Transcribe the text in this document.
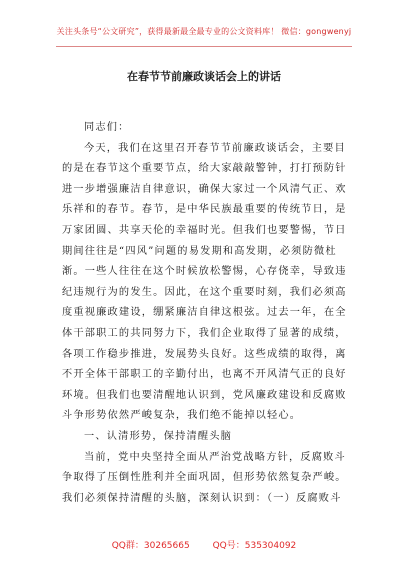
关注头条号“公文研究”，获得最新最全最专业的公文资料库！ 微信：gongwenyj
在春节节前廉政谈话会上的讲话
同志们：
今天，我们在这里召开春节节前廉政谈话会，主要目
的是在春节这个重要节点，给大家敲敲警钟，打打预防针
进一步增强廉洁自律意识，确保大家过一个风清气正、欢
乐祥和的春节。春节，是中华民族最重要的传统节日，是
万家团圆、共享天伦的幸福时光。但我们也要警惕，节日
期间往往是“四风”问题的易发期和高发期，必须防微杜
渐。一些人往往在这个时候放松警惕，心存侥幸，导致违
纪违规行为的发生。因此，在这个重要时刻，我们必须高
度重视廉政建设，绷紧廉洁自律这根弦。过去一年，在全
体干部职工的共同努力下，我们企业取得了显著的成绩，
各项工作稳步推进，发展势头良好。这些成绩的取得，离
不开全体干部职工的辛勤付出，也离不开风清气正的良好
环境。但我们也要清醒地认识到，党风廉政建设和反腐败
斗争形势依然严峻复杂，我们绝不能掉以轻心。
一、认清形势，保持清醒头脑
当前，党中央坚持全面从严治党战略方针，反腐败斗
争取得了压倒性胜利并全面巩固，但形势依然复杂严峻。
我们必须保持清醒的头脑，深刻认识到：（一）反腐败斗
QQ群：30265665	QQ号：535304092
